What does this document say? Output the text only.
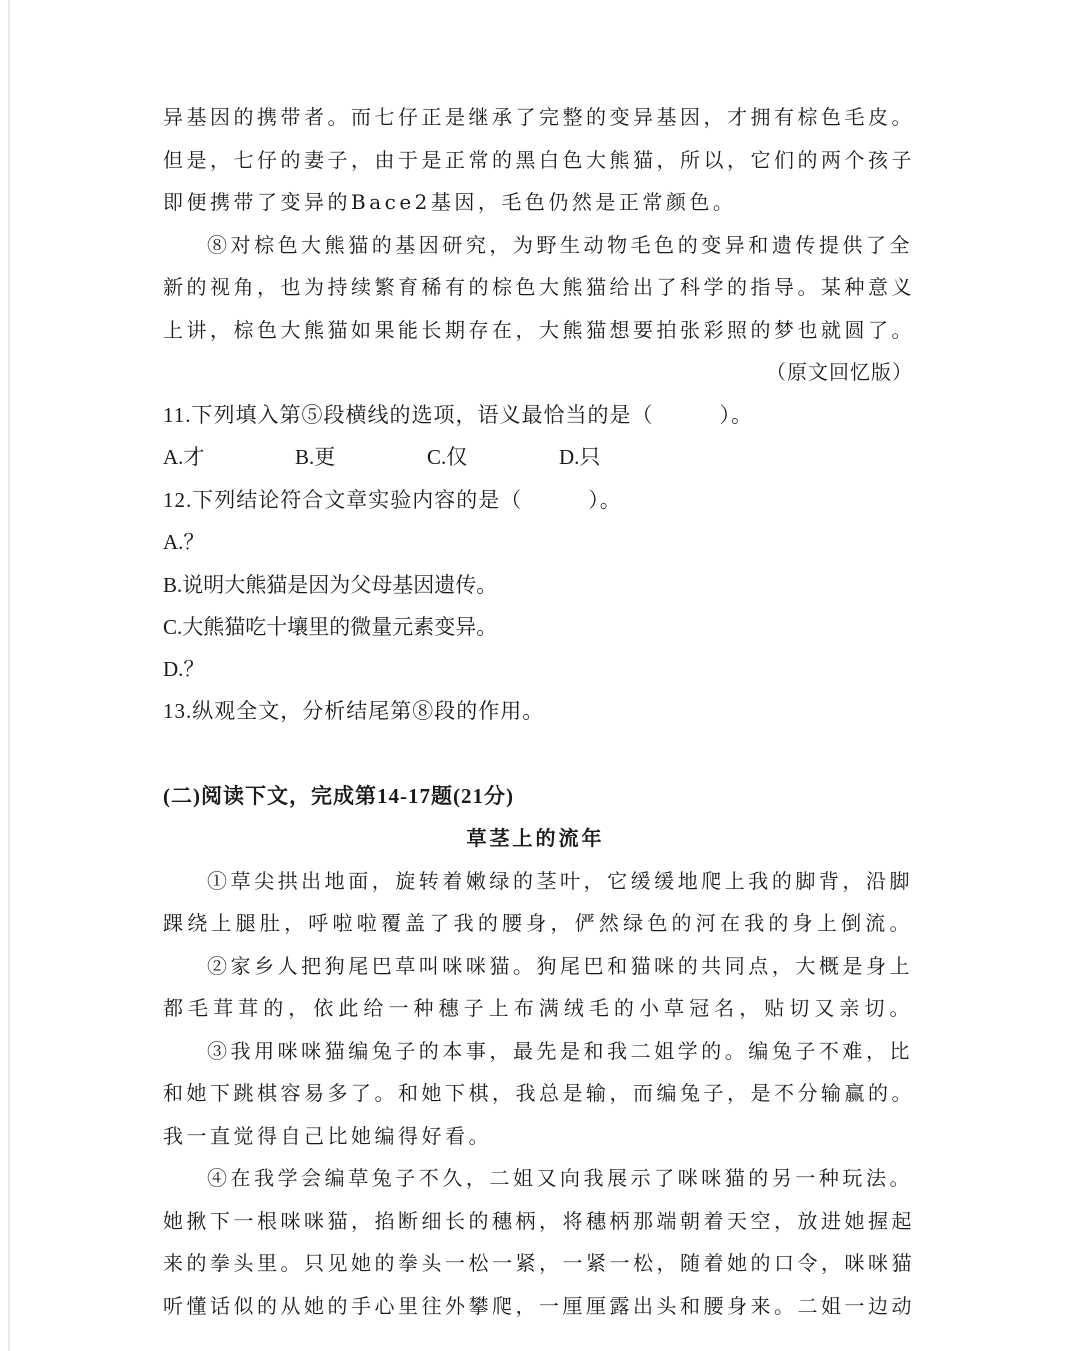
异基因的携带者。而七仔正是继承了完整的变异基因，才拥有棕色毛皮。
但是，七仔的妻子，由于是正常的黑白色大熊猫，所以，它们的两个孩子
即便携带了变异的Bace2基因，毛色仍然是正常颜色。
⑧对棕色大熊猫的基因研究，为野生动物毛色的变异和遗传提供了全
新的视角，也为持续繁育稀有的棕色大熊猫给出了科学的指导。某种意义
上讲，棕色大熊猫如果能长期存在，大熊猫想要拍张彩照的梦也就圆了。
（原文回忆版）
11.下列填入第⑤段横线的选项，语义最恰当的是（　　　）。
A.才	B.更	C.仅	D.只
12.下列结论符合文章实验内容的是（　　　）。
A.？
B.说明大熊猫是因为父母基因遗传。
C.大熊猫吃十壤里的微量元素变异。
D.？
13.纵观全文，分析结尾第⑧段的作用。
(二)阅读下文，完成第14-17题(21分)
草茎上的流年
①草尖拱出地面，旋转着嫩绿的茎叶，它缓缓地爬上我的脚背，沿脚
踝绕上腿肚，呼啦啦覆盖了我的腰身，俨然绿色的河在我的身上倒流。
②家乡人把狗尾巴草叫咪咪猫。狗尾巴和猫咪的共同点，大概是身上
都毛茸茸的，依此给一种穗子上布满绒毛的小草冠名，贴切又亲切。
③我用咪咪猫编兔子的本事，最先是和我二姐学的。编兔子不难，比
和她下跳棋容易多了。和她下棋，我总是输，而编兔子，是不分输赢的。
我一直觉得自己比她编得好看。
④在我学会编草兔子不久，二姐又向我展示了咪咪猫的另一种玩法。
她揪下一根咪咪猫，掐断细长的穗柄，将穗柄那端朝着天空，放进她握起
来的拳头里。只见她的拳头一松一紧，一紧一松，随着她的口令，咪咪猫
听懂话似的从她的手心里往外攀爬，一厘厘露出头和腰身来。二姐一边动
